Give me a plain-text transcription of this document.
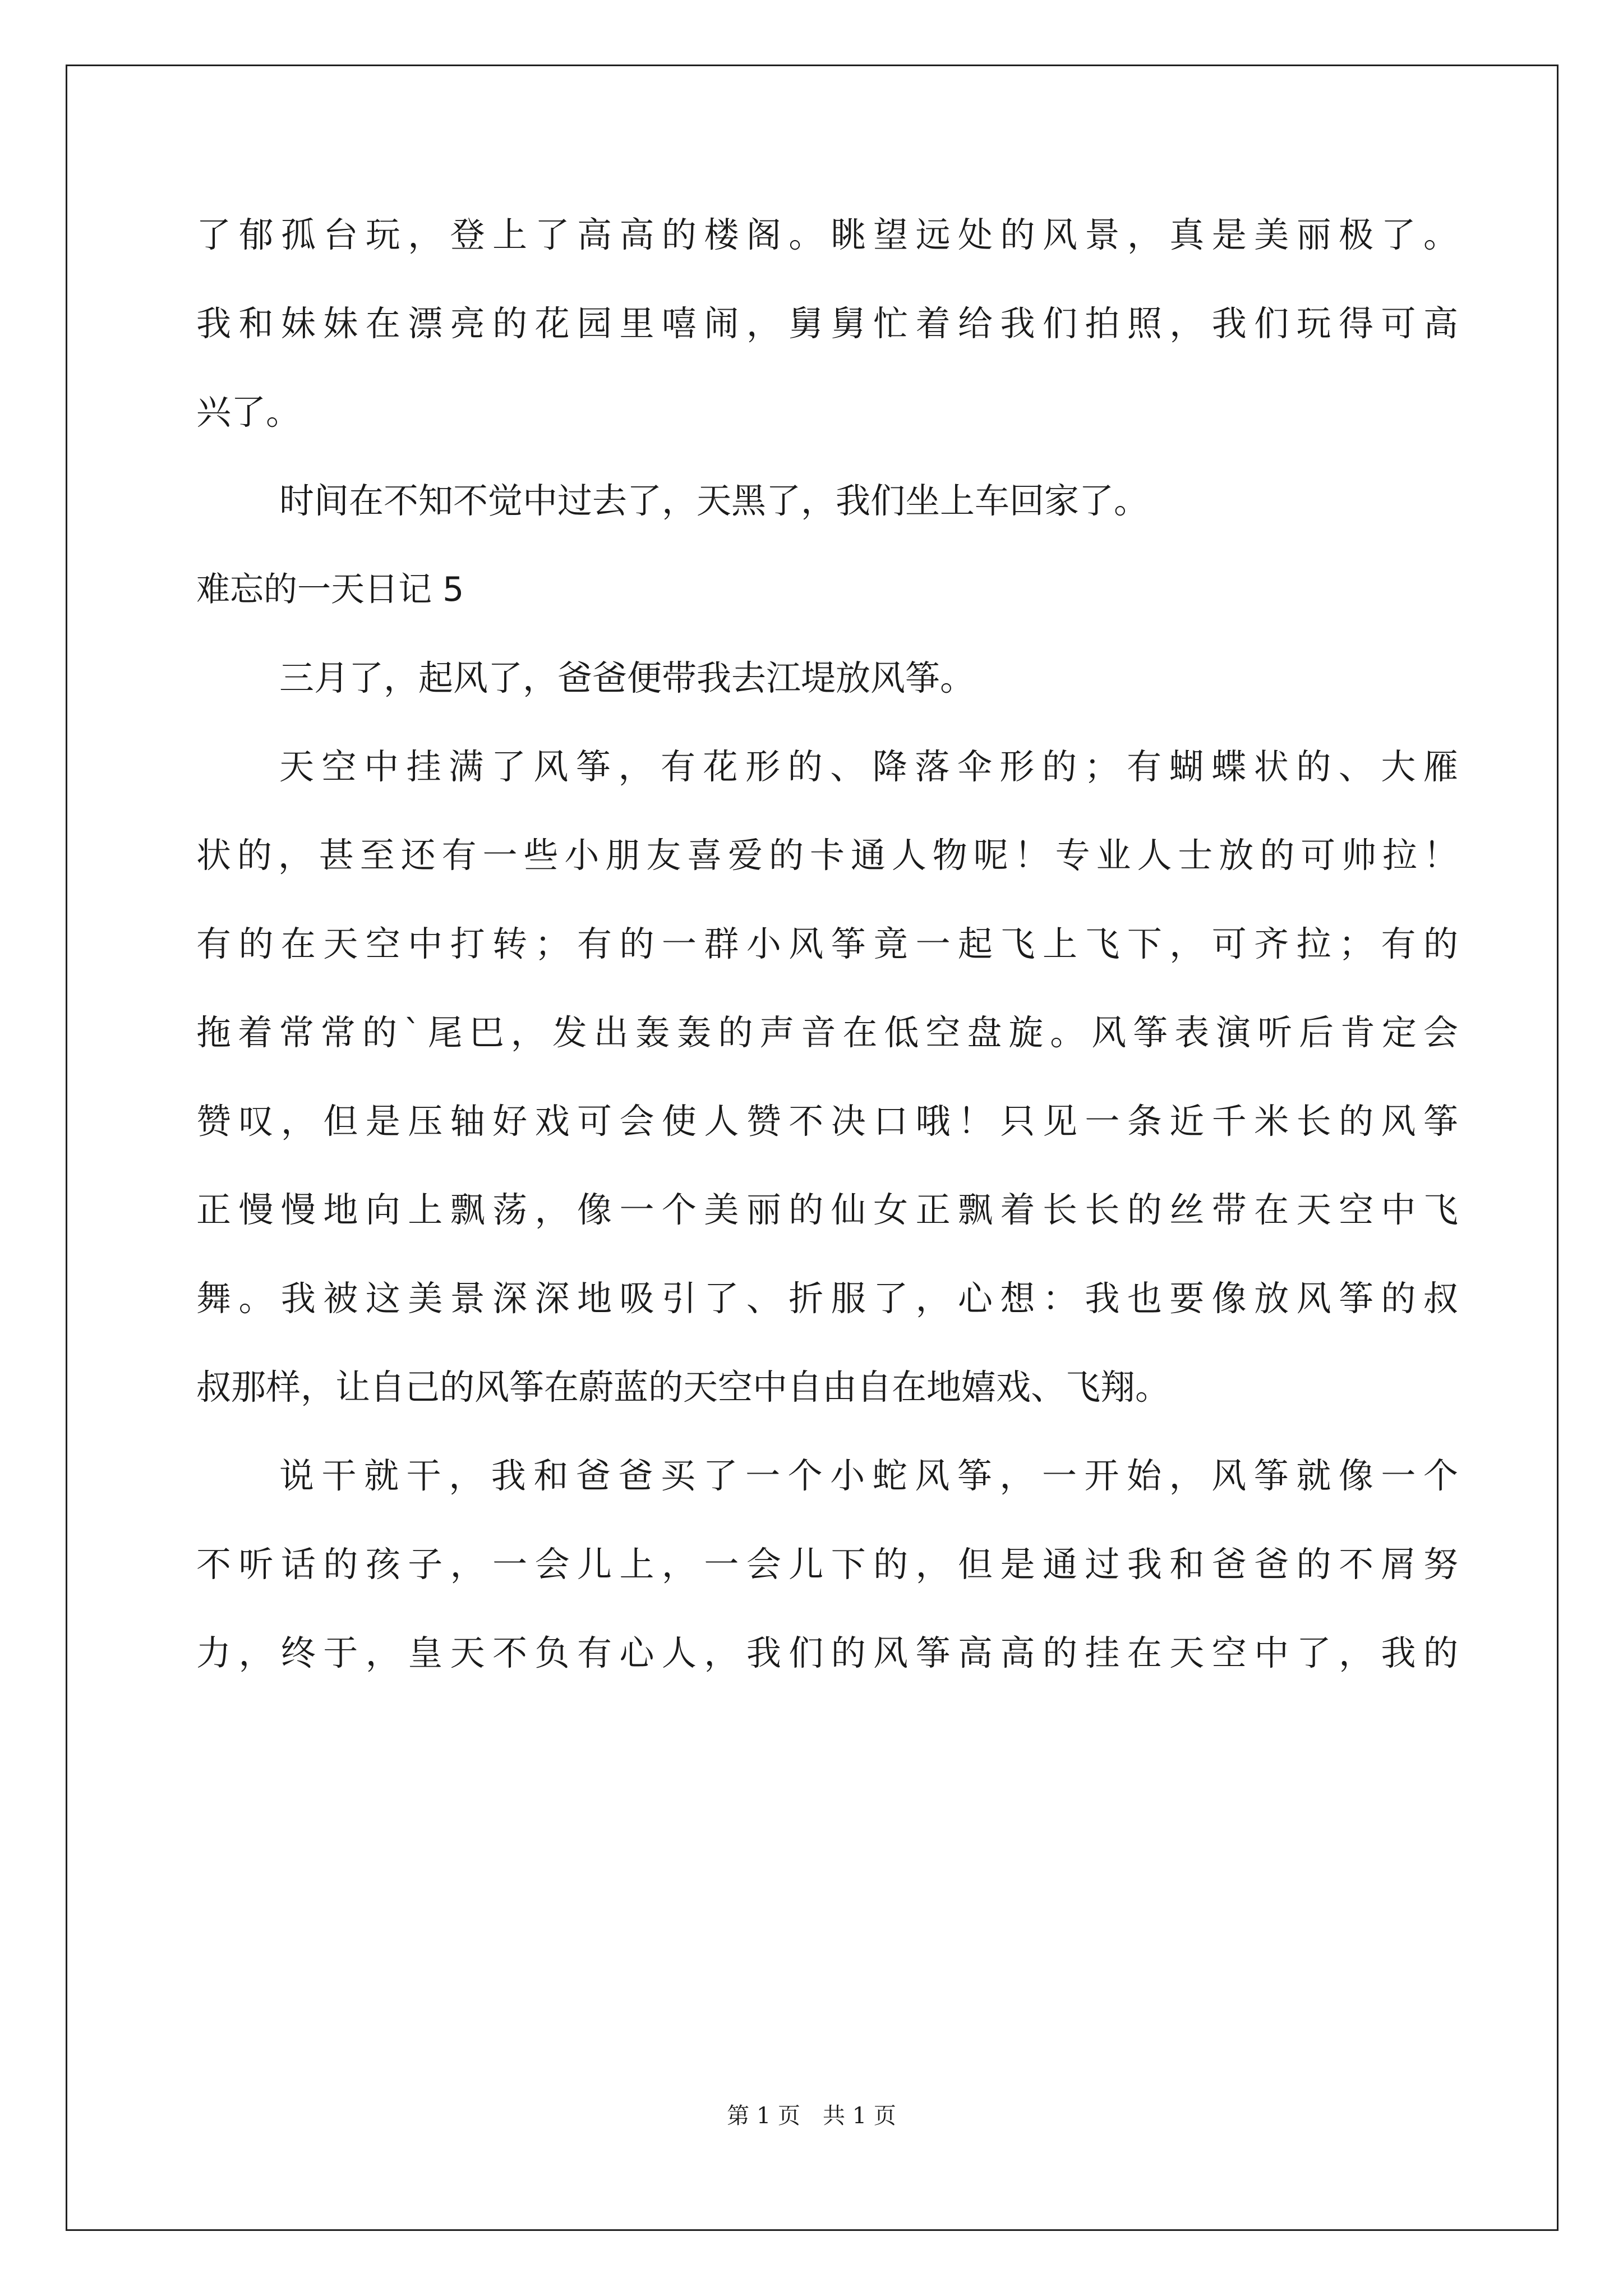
了郁孤台玩，登上了高高的楼阁。眺望远处的风景，真是美丽极了。
我和妹妹在漂亮的花园里嘻闹，舅舅忙着给我们拍照，我们玩得可高
兴了。
时间在不知不觉中过去了，天黑了，我们坐上车回家了。
难忘的一天日记 5
三月了，起风了，爸爸便带我去江堤放风筝。
天空中挂满了风筝，有花形的、降落伞形的；有蝴蝶状的、大雁
状的，甚至还有一些小朋友喜爱的卡通人物呢！专业人士放的可帅拉！
有的在天空中打转；有的一群小风筝竟一起飞上飞下，可齐拉；有的
拖着常常的`尾巴，发出轰轰的声音在低空盘旋。风筝表演听后肯定会
赞叹，但是压轴好戏可会使人赞不决口哦！只见一条近千米长的风筝
正慢慢地向上飘荡，像一个美丽的仙女正飘着长长的丝带在天空中飞
舞。我被这美景深深地吸引了、折服了，心想：我也要像放风筝的叔
叔那样，让自己的风筝在蔚蓝的天空中自由自在地嬉戏、飞翔。
说干就干，我和爸爸买了一个小蛇风筝，一开始，风筝就像一个
不听话的孩子，一会儿上，一会儿下的，但是通过我和爸爸的不屑努
力，终于，皇天不负有心人，我们的风筝高高的挂在天空中了，我的
第 1 页 共 1 页
